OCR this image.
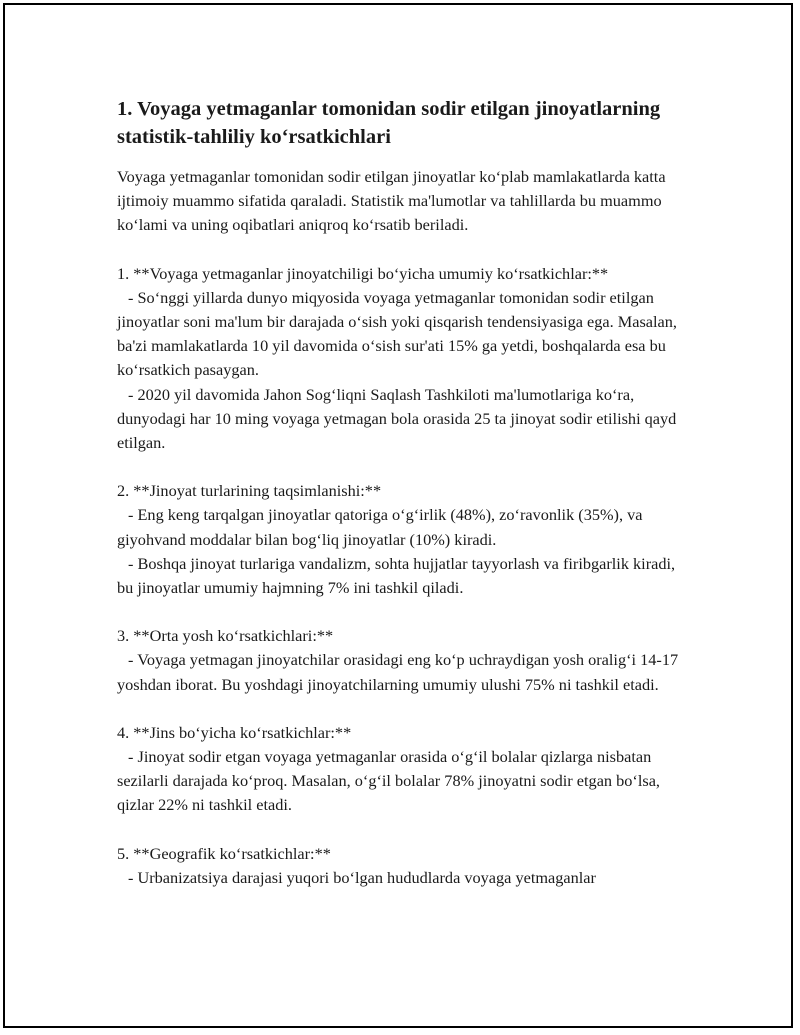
1. Voyaga yetmaganlar tomonidan sodir etilgan jinoyatlarning statistik-tahliliy koʻrsatkichlari

Voyaga yetmaganlar tomonidan sodir etilgan jinoyatlar koʻplab mamlakatlarda katta ijtimoiy muammo sifatida qaraladi. Statistik ma'lumotlar va tahlillarda bu muammo koʻlami va uning oqibatlari aniqroq koʻrsatib beriladi.

1. **Voyaga yetmaganlar jinoyatchiligi boʻyicha umumiy koʻrsatkichlar:**

- Soʻnggi yillarda dunyo miqyosida voyaga yetmaganlar tomonidan sodir etilgan jinoyatlar soni ma'lum bir darajada oʻsish yoki qisqarish tendensiyasiga ega. Masalan, ba'zi mamlakatlarda 10 yil davomida oʻsish sur'ati 15% ga yetdi, boshqalarda esa bu koʻrsatkich pasaygan.

- 2020 yil davomida Jahon Sogʻliqni Saqlash Tashkiloti ma'lumotlariga koʻra, dunyodagi har 10 ming voyaga yetmagan bola orasida 25 ta jinoyat sodir etilishi qayd etilgan.

2. **Jinoyat turlarining taqsimlanishi:**

- Eng keng tarqalgan jinoyatlar qatoriga oʻgʻirlik (48%), zoʻravonlik (35%), va giyohvand moddalar bilan bogʻliq jinoyatlar (10%) kiradi.

- Boshqa jinoyat turlariga vandalizm, sohta hujjatlar tayyorlash va firibgarlik kiradi, bu jinoyatlar umumiy hajmning 7% ini tashkil qiladi.

3. **Orta yosh koʻrsatkichlari:**

- Voyaga yetmagan jinoyatchilar orasidagi eng koʻp uchraydigan yosh oraligʻi 14-17 yoshdan iborat. Bu yoshdagi jinoyatchilarning umumiy ulushi 75% ni tashkil etadi.

4. **Jins boʻyicha koʻrsatkichlar:**

- Jinoyat sodir etgan voyaga yetmaganlar orasida oʻgʻil bolalar qizlarga nisbatan sezilarli darajada koʻproq. Masalan, oʻgʻil bolalar 78% jinoyatni sodir etgan boʻlsa, qizlar 22% ni tashkil etadi.

5. **Geografik koʻrsatkichlar:**

- Urbanizatsiya darajasi yuqori boʻlgan hududlarda voyaga yetmaganlar
